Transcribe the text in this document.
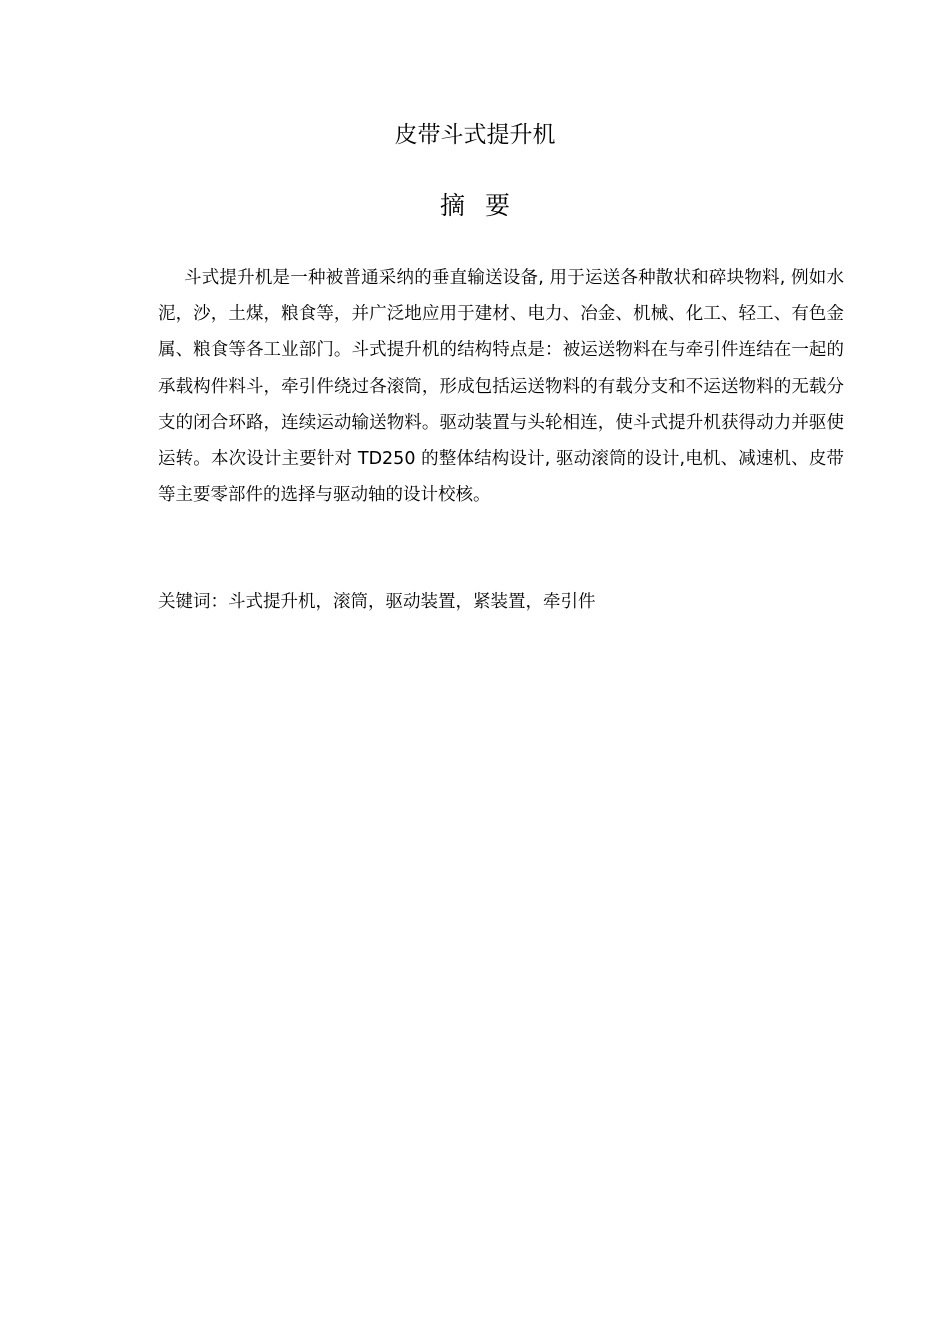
皮带斗式提升机
摘 要

斗式提升机是一种被普通采纳的垂直输送设备, 用于运送各种散状和碎块物料, 例如水泥，沙，土煤，粮食等，并广泛地应用于建材、电力、冶金、机械、化工、轻工、有色金属、粮食等各工业部门。斗式提升机的结构特点是：被运送物料在与牵引件连结在一起的承载构件料斗，牵引件绕过各滚筒，形成包括运送物料的有载分支和不运送物料的无载分支的闭合环路，连续运动输送物料。驱动装置与头轮相连，使斗式提升机获得动力并驱使运转。本次设计主要针对 TD250 的整体结构设计, 驱动滚筒的设计,电机、减速机、皮带等主要零部件的选择与驱动轴的设计校核。

关键词：斗式提升机，滚筒，驱动装置，紧装置，牵引件
